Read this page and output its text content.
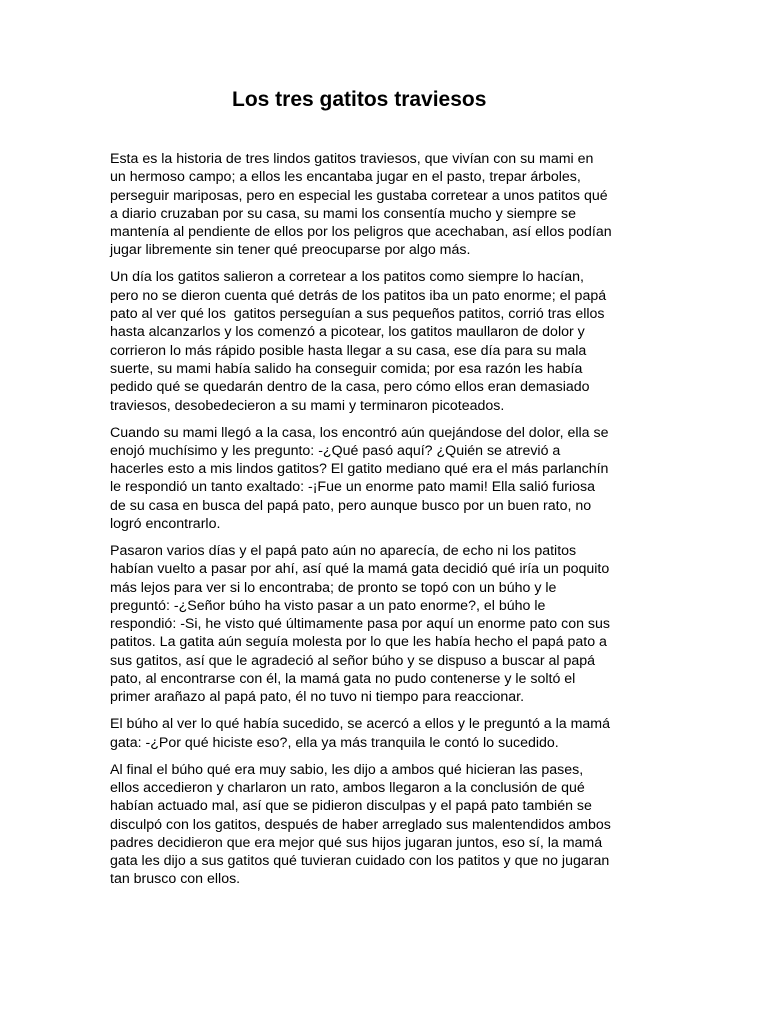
Los tres gatitos traviesos

Esta es la historia de tres lindos gatitos traviesos, que vivían con su mami en
un hermoso campo; a ellos les encantaba jugar en el pasto, trepar árboles,
perseguir mariposas, pero en especial les gustaba corretear a unos patitos qué
a diario cruzaban por su casa, su mami los consentía mucho y siempre se
mantenía al pendiente de ellos por los peligros que acechaban, así ellos podían
jugar libremente sin tener qué preocuparse por algo más.

Un día los gatitos salieron a corretear a los patitos como siempre lo hacían,
pero no se dieron cuenta qué detrás de los patitos iba un pato enorme; el papá
pato al ver qué los  gatitos perseguían a sus pequeños patitos, corrió tras ellos
hasta alcanzarlos y los comenzó a picotear, los gatitos maullaron de dolor y
corrieron lo más rápido posible hasta llegar a su casa, ese día para su mala
suerte, su mami había salido ha conseguir comida; por esa razón les había
pedido qué se quedarán dentro de la casa, pero cómo ellos eran demasiado
traviesos, desobedecieron a su mami y terminaron picoteados.

Cuando su mami llegó a la casa, los encontró aún quejándose del dolor, ella se
enojó muchísimo y les pregunto: -¿Qué pasó aquí? ¿Quién se atrevió a
hacerles esto a mis lindos gatitos? El gatito mediano qué era el más parlanchín
le respondió un tanto exaltado: -¡Fue un enorme pato mami! Ella salió furiosa
de su casa en busca del papá pato, pero aunque busco por un buen rato, no
logró encontrarlo.

Pasaron varios días y el papá pato aún no aparecía, de echo ni los patitos
habían vuelto a pasar por ahí, así qué la mamá gata decidió qué iría un poquito
más lejos para ver si lo encontraba; de pronto se topó con un búho y le
preguntó: -¿Señor búho ha visto pasar a un pato enorme?, el búho le
respondió: -Si, he visto qué últimamente pasa por aquí un enorme pato con sus
patitos. La gatita aún seguía molesta por lo que les había hecho el papá pato a
sus gatitos, así que le agradeció al señor búho y se dispuso a buscar al papá
pato, al encontrarse con él, la mamá gata no pudo contenerse y le soltó el
primer arañazo al papá pato, él no tuvo ni tiempo para reaccionar.

El búho al ver lo qué había sucedido, se acercó a ellos y le preguntó a la mamá
gata: -¿Por qué hiciste eso?, ella ya más tranquila le contó lo sucedido.

Al final el búho qué era muy sabio, les dijo a ambos qué hicieran las pases,
ellos accedieron y charlaron un rato, ambos llegaron a la conclusión de qué
habían actuado mal, así que se pidieron disculpas y el papá pato también se
disculpó con los gatitos, después de haber arreglado sus malentendidos ambos
padres decidieron que era mejor qué sus hijos jugaran juntos, eso sí, la mamá
gata les dijo a sus gatitos qué tuvieran cuidado con los patitos y que no jugaran
tan brusco con ellos.
